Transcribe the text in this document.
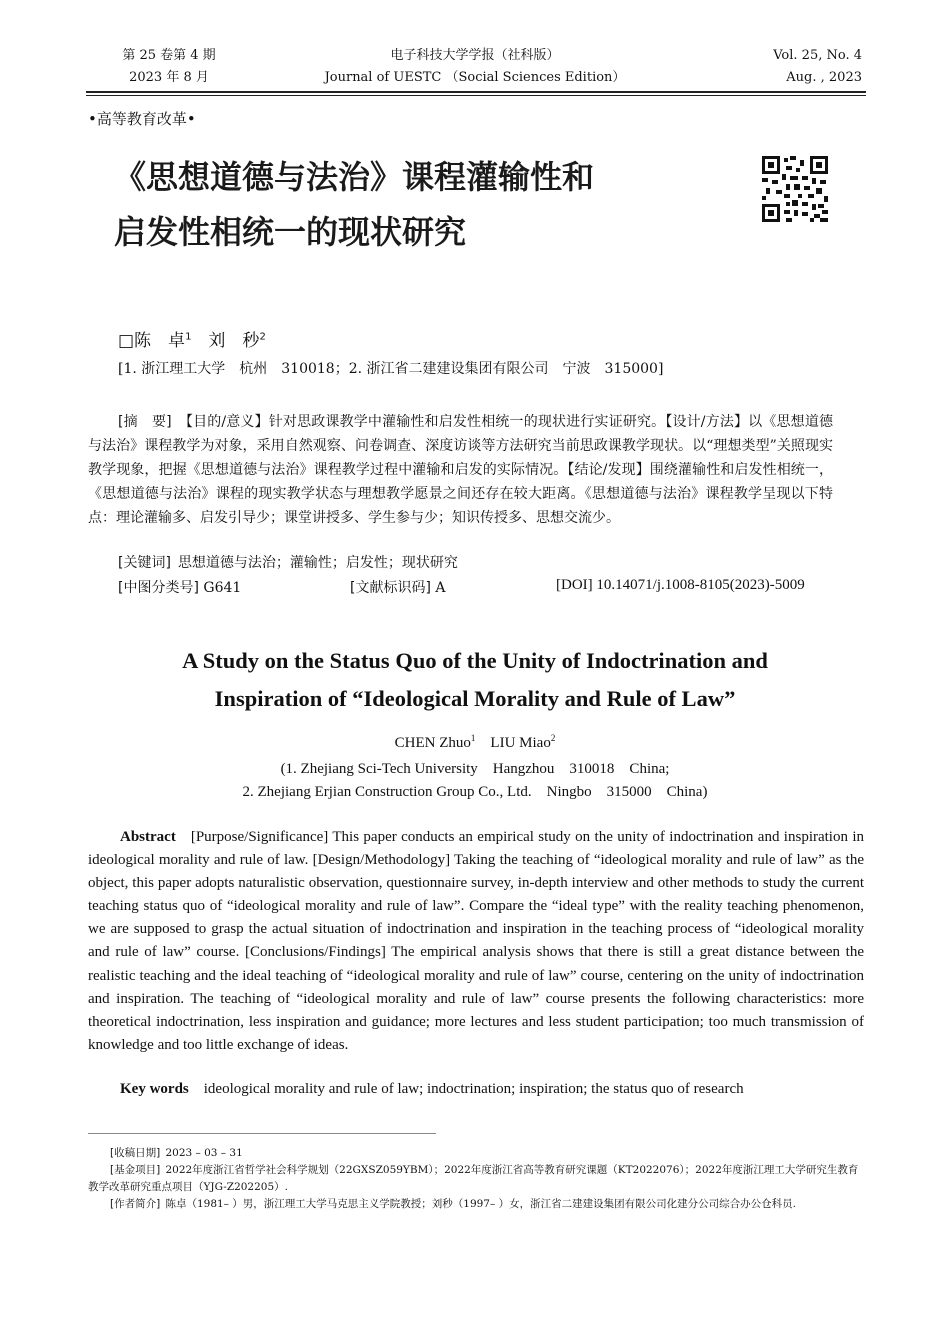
第 25 卷第 4 期
2023 年 8 月
电子科技大学学报（社科版）
Journal of UESTC （Social Sciences Edition）
Vol. 25, No. 4
Aug. , 2023
•高等教育改革•
《思想道德与法治》课程灌输性和
启发性相统一的现状研究
□陈　卓$^1$　刘　秒$^2$
[1. 浙江理工大学　杭州　310018；2. 浙江省二建建设集团有限公司　宁波　315000]

[摘　要]　 【目的/意义】针对思政课教学中灌输性和启发性相统一的现状进行实证研究。【设计/方法】以《思想道德与法治》课程教学为对象，采用自然观察、问卷调查、深度访谈等方法研究当前思政课教学现状。以“理想类型”关照现实教学现象，把握《思想道德与法治》课程教学过程中灌输和启发的实际情况。【结论/发现】围绕灌输性和启发性相统一，《思想道德与法治》课程的现实教学状态与理想教学愿景之间还存在较大距离。《思想道德与法治》课程教学呈现以下特点：理论灌输多、启发引导少；课堂讲授多、学生参与少；知识传授多、思想交流少。

[关键词]  思想道德与法治；灌输性；启发性；现状研究
[中图分类号] G641	[文献标识码] A	[DOI] 10.14071/j.1008-8105(2023)-5009
A Study on the Status Quo of the Unity of Indoctrination and
Inspiration of “Ideological Morality and Rule of Law”
CHEN Zhuo$^1$  LIU Miao$^2$
(1. Zhejiang Sci-Tech University　Hangzhou　310018　China;
2. Zhejiang Erjian Construction Group Co., Ltd.　Ningbo　315000　China)
Abstract   [Purpose/Significance] This paper conducts an empirical study on the unity of indoctrination and inspiration in ideological morality and rule of law. [Design/Methodology] Taking the teaching of “ideological morality and rule of law” as the object, this paper adopts naturalistic observation, questionnaire survey, in-depth interview and other methods to study the current teaching status quo of “ideological morality and rule of law”. Compare the “ideal type” with the reality teaching phenomenon, we are supposed to grasp the actual situation of indoctrination and inspiration in the teaching process of “ideological morality and rule of law” course. [Conclusions/Findings] The empirical analysis shows that there is still a great distance between the realistic teaching and the ideal teaching of “ideological morality and rule of law” course, centering on the unity of indoctrination and inspiration. The teaching of “ideological morality and rule of law” course presents the following characteristics: more theoretical indoctrination, less inspiration and guidance; more lectures and less student participation; too much transmission of knowledge and too little exchange of ideas.
Key words   ideological morality and rule of law; indoctrination; inspiration; the status quo of research

[收稿日期]  2023 – 03 – 31

[基金项目]  2022年度浙江省哲学社会科学规划（22GXSZ059YBM）；2022年度浙江省高等教育研究课题（KT2022076）；2022年度浙江理工大学研究生教育教学改革研究重点项目（YJG-Z202205）.

[作者简介]  陈卓（1981– ）男，浙江理工大学马克思主义学院教授；刘秒（1997– ）女，浙江省二建建设集团有限公司化建分公司综合办公仓科员.
